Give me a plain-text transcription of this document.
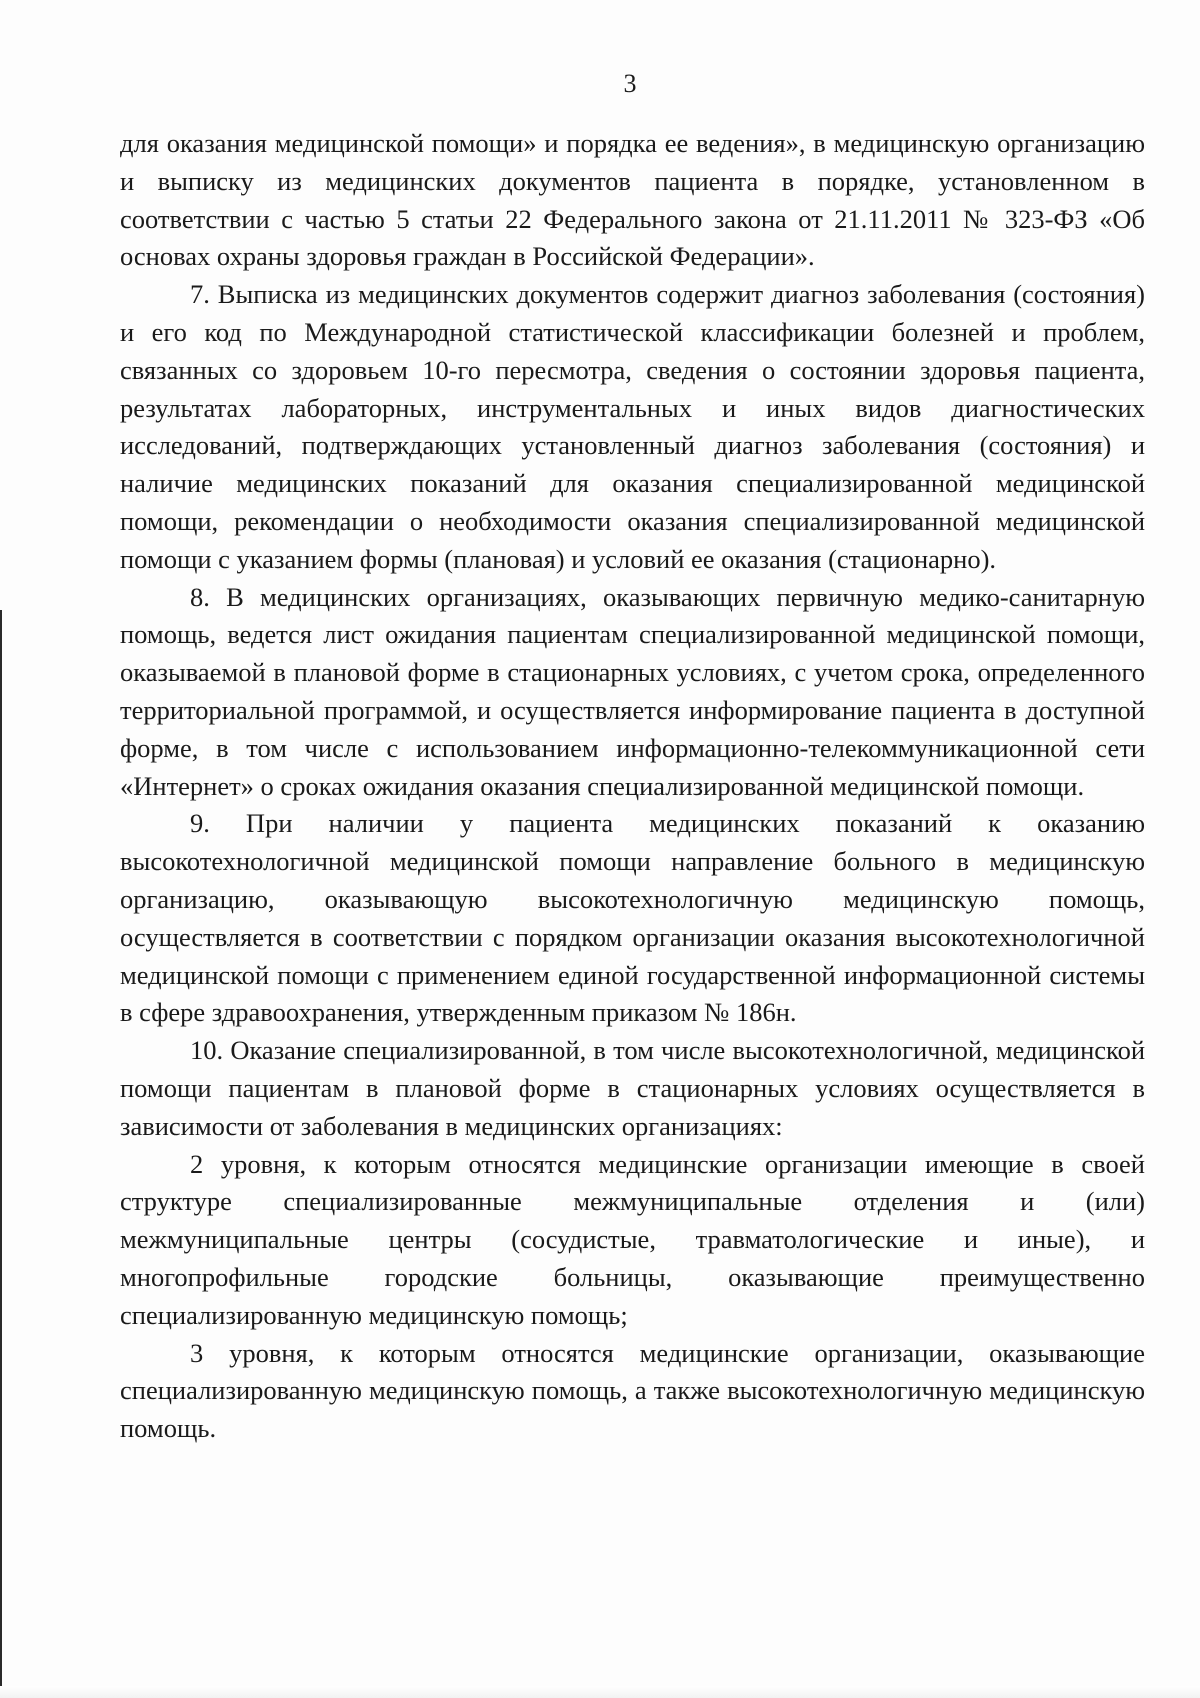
3

для оказания медицинской помощи» и порядка ее ведения», в медицинскую организацию и выписку из медицинских документов пациента в порядке, установленном в соответствии с частью 5 статьи 22 Федерального закона от 21.11.2011 № 323-ФЗ «Об основах охраны здоровья граждан в Российской Федерации».

7. Выписка из медицинских документов содержит диагноз заболевания (состояния) и его код по Международной статистической классификации болезней и проблем, связанных со здоровьем 10-го пересмотра, сведения о состоянии здоровья пациента, результатах лабораторных, инструментальных и иных видов диагностических исследований, подтверждающих установленный диагноз заболевания (состояния) и наличие медицинских показаний для оказания специализированной медицинской помощи, рекомендации о необходимости оказания специализированной медицинской помощи с указанием формы (плановая) и условий ее оказания (стационарно).

8. В медицинских организациях, оказывающих первичную медико-санитарную помощь, ведется лист ожидания пациентам специализированной медицинской помощи, оказываемой в плановой форме в стационарных условиях, с учетом срока, определенного территориальной программой, и осуществляется информирование пациента в доступной форме, в том числе с использованием информационно-телекоммуникационной сети «Интернет» о сроках ожидания оказания специализированной медицинской помощи.

9. При наличии у пациента медицинских показаний к оказанию высокотехнологичной медицинской помощи направление больного в медицинскую организацию, оказывающую высокотехнологичную медицинскую помощь, осуществляется в соответствии с порядком организации оказания высокотехнологичной медицинской помощи с применением единой государственной информационной системы в сфере здравоохранения, утвержденным приказом № 186н.

10. Оказание специализированной, в том числе высокотехнологичной, медицинской помощи пациентам в плановой форме в стационарных условиях осуществляется в зависимости от заболевания в медицинских организациях:

2 уровня, к которым относятся медицинские организации имеющие в своей структуре специализированные межмуниципальные отделения и (или) межмуниципальные центры (сосудистые, травматологические и иные), и многопрофильные городские больницы, оказывающие преимущественно специализированную медицинскую помощь;

3 уровня, к которым относятся медицинские организации, оказывающие специализированную медицинскую помощь, а также высокотехнологичную медицинскую помощь.
